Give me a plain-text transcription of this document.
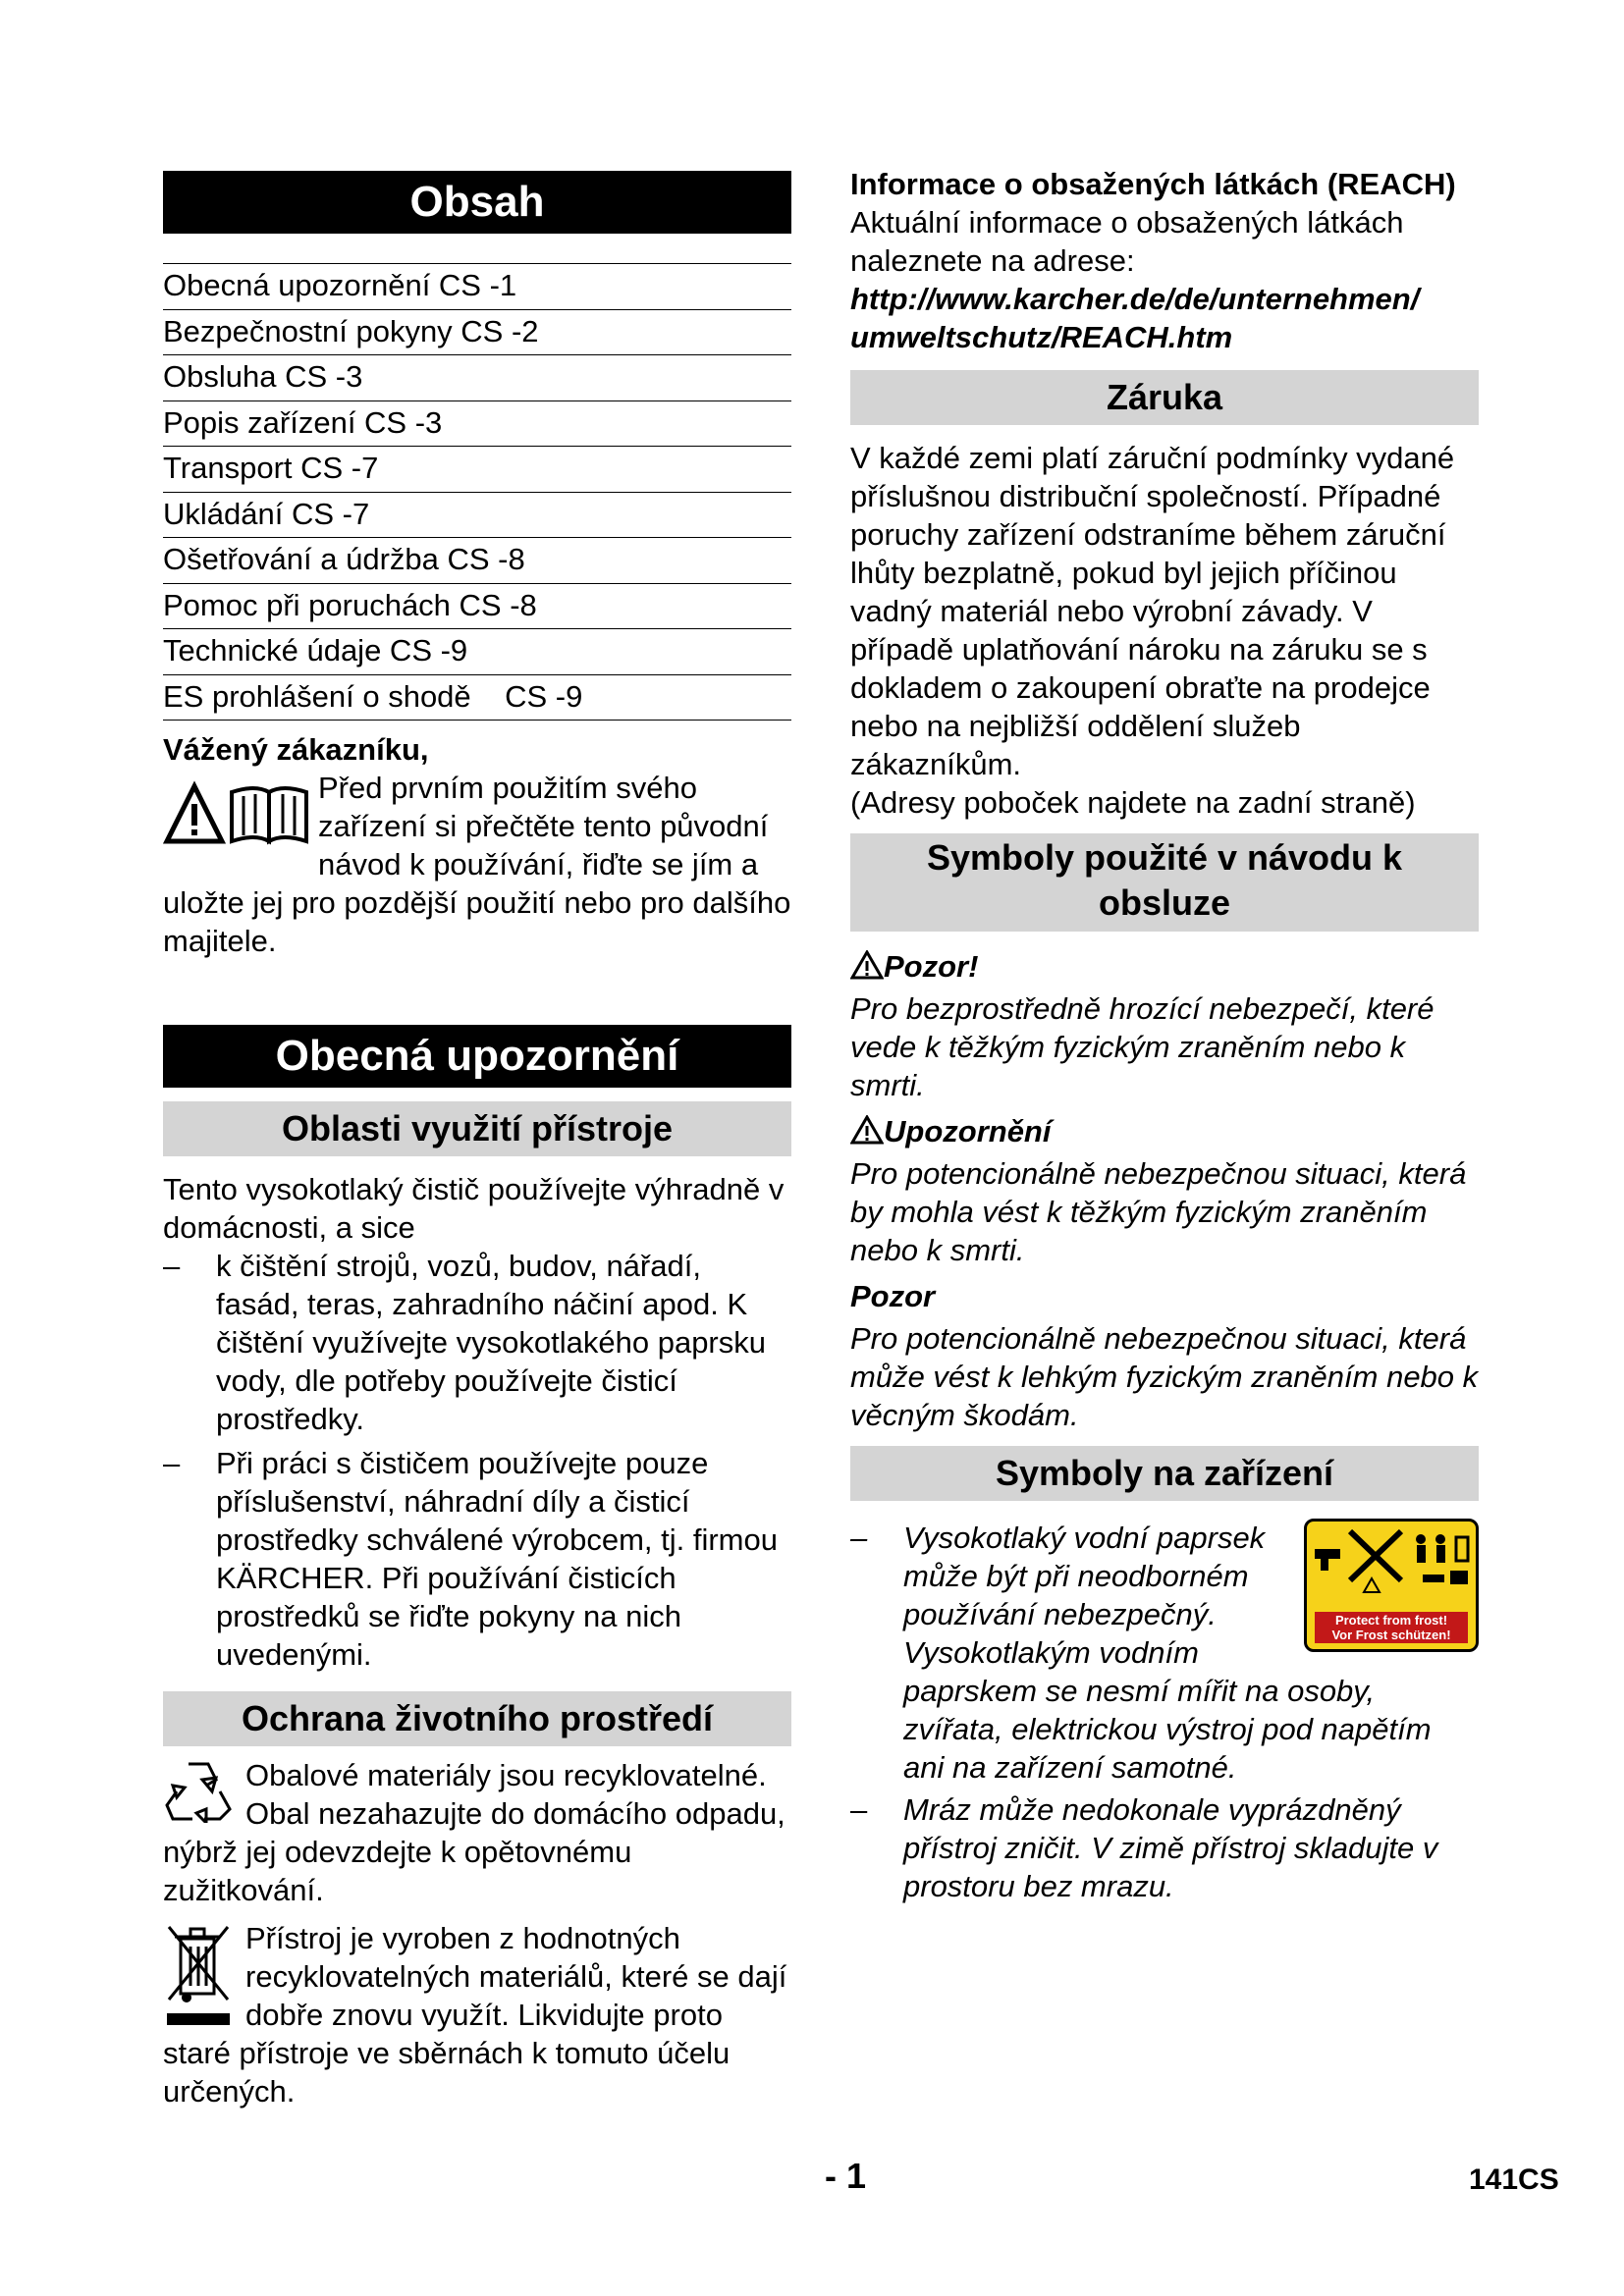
Obsah
Obecná upozornění CS -1
Bezpečnostní pokyny CS -2
Obsluha CS -3
Popis zařízení CS -3
Transport CS -7
Ukládání CS -7
Ošetřování a údržba CS -8
Pomoc při poruchách CS -8
Technické údaje CS -9
ES prohlášení o shodě    CS -9

Vážený zákazníku,

Před prvním použitím svého zařízení si přečtěte tento původní návod k používání, řiďte se jím a uložte jej pro pozdější použití nebo pro dalšího majitele.

Obecná upozornění
Oblasti využití přístroje

Tento vysokotlaký čistič používejte výhradně v domácnosti, a sice

– k čištění strojů, vozů, budov, nářadí, fasád, teras, zahradního náčiní apod. K čištění využívejte vysokotlakého paprsku vody, dle potřeby používejte čisticí prostředky.
– Při práci s čističem používejte pouze příslušenství, náhradní díly a čisticí prostředky schválené výrobcem, tj. firmou KÄRCHER. Při používání čisticích prostředků se řiďte pokyny na nich uvedenými.
Ochrana životního prostředí

Obalové materiály jsou recyklovatelné. Obal nezahazujte do domácího odpadu, nýbrž jej odevzdejte k opětovnému zužitkování.

Přístroj je vyroben z hodnotných recyklovatelných materiálů, které se dají dobře znovu využít. Likvidujte proto staré přístroje ve sběrnách k tomuto účelu určených.

Informace o obsažených látkách (REACH)

Aktuální informace o obsažených látkách naleznete na adrese:

http://www.karcher.de/de/unternehmen/

umweltschutz/REACH.htm

Záruka

V každé zemi platí záruční podmínky vydané příslušnou distribuční společností. Případné poruchy zařízení odstraníme během záruční lhůty bezplatně, pokud byl jejich příčinou vadný materiál nebo výrobní závady. V případě uplatňování nároku na záruku se s dokladem o zakoupení obraťte na prodejce nebo na nejbližší oddělení služeb zákazníkům.

(Adresy poboček najdete na zadní straně)

Symboly použité v návodu k
obsluze

Pozor!

Pro bezprostředně hrozící nebezpečí, které vede k těžkým fyzickým zraněním nebo k smrti.

Upozornění

Pro potencionálně nebezpečnou situaci, která by mohla vést k těžkým fyzickým zraněním nebo k smrti.

Pozor

Pro potencionálně nebezpečnou situaci, která může vést k lehkým fyzickým zraněním nebo k věcným škodám.

Symboly na zařízení
Protect from frost!
Vor Frost schützen!
– Vysokotlaký vodní paprsek může být při neodborném používání nebezpečný. Vysokotlakým vodním paprskem se nesmí mířit na osoby, zvířata, elektrickou výstroj pod napětím ani na zařízení samotné.
– Mráz může nedokonale vyprázdněný přístroj zničit. V zimě přístroj skladujte v prostoru bez mrazu.
- 1	141CS
